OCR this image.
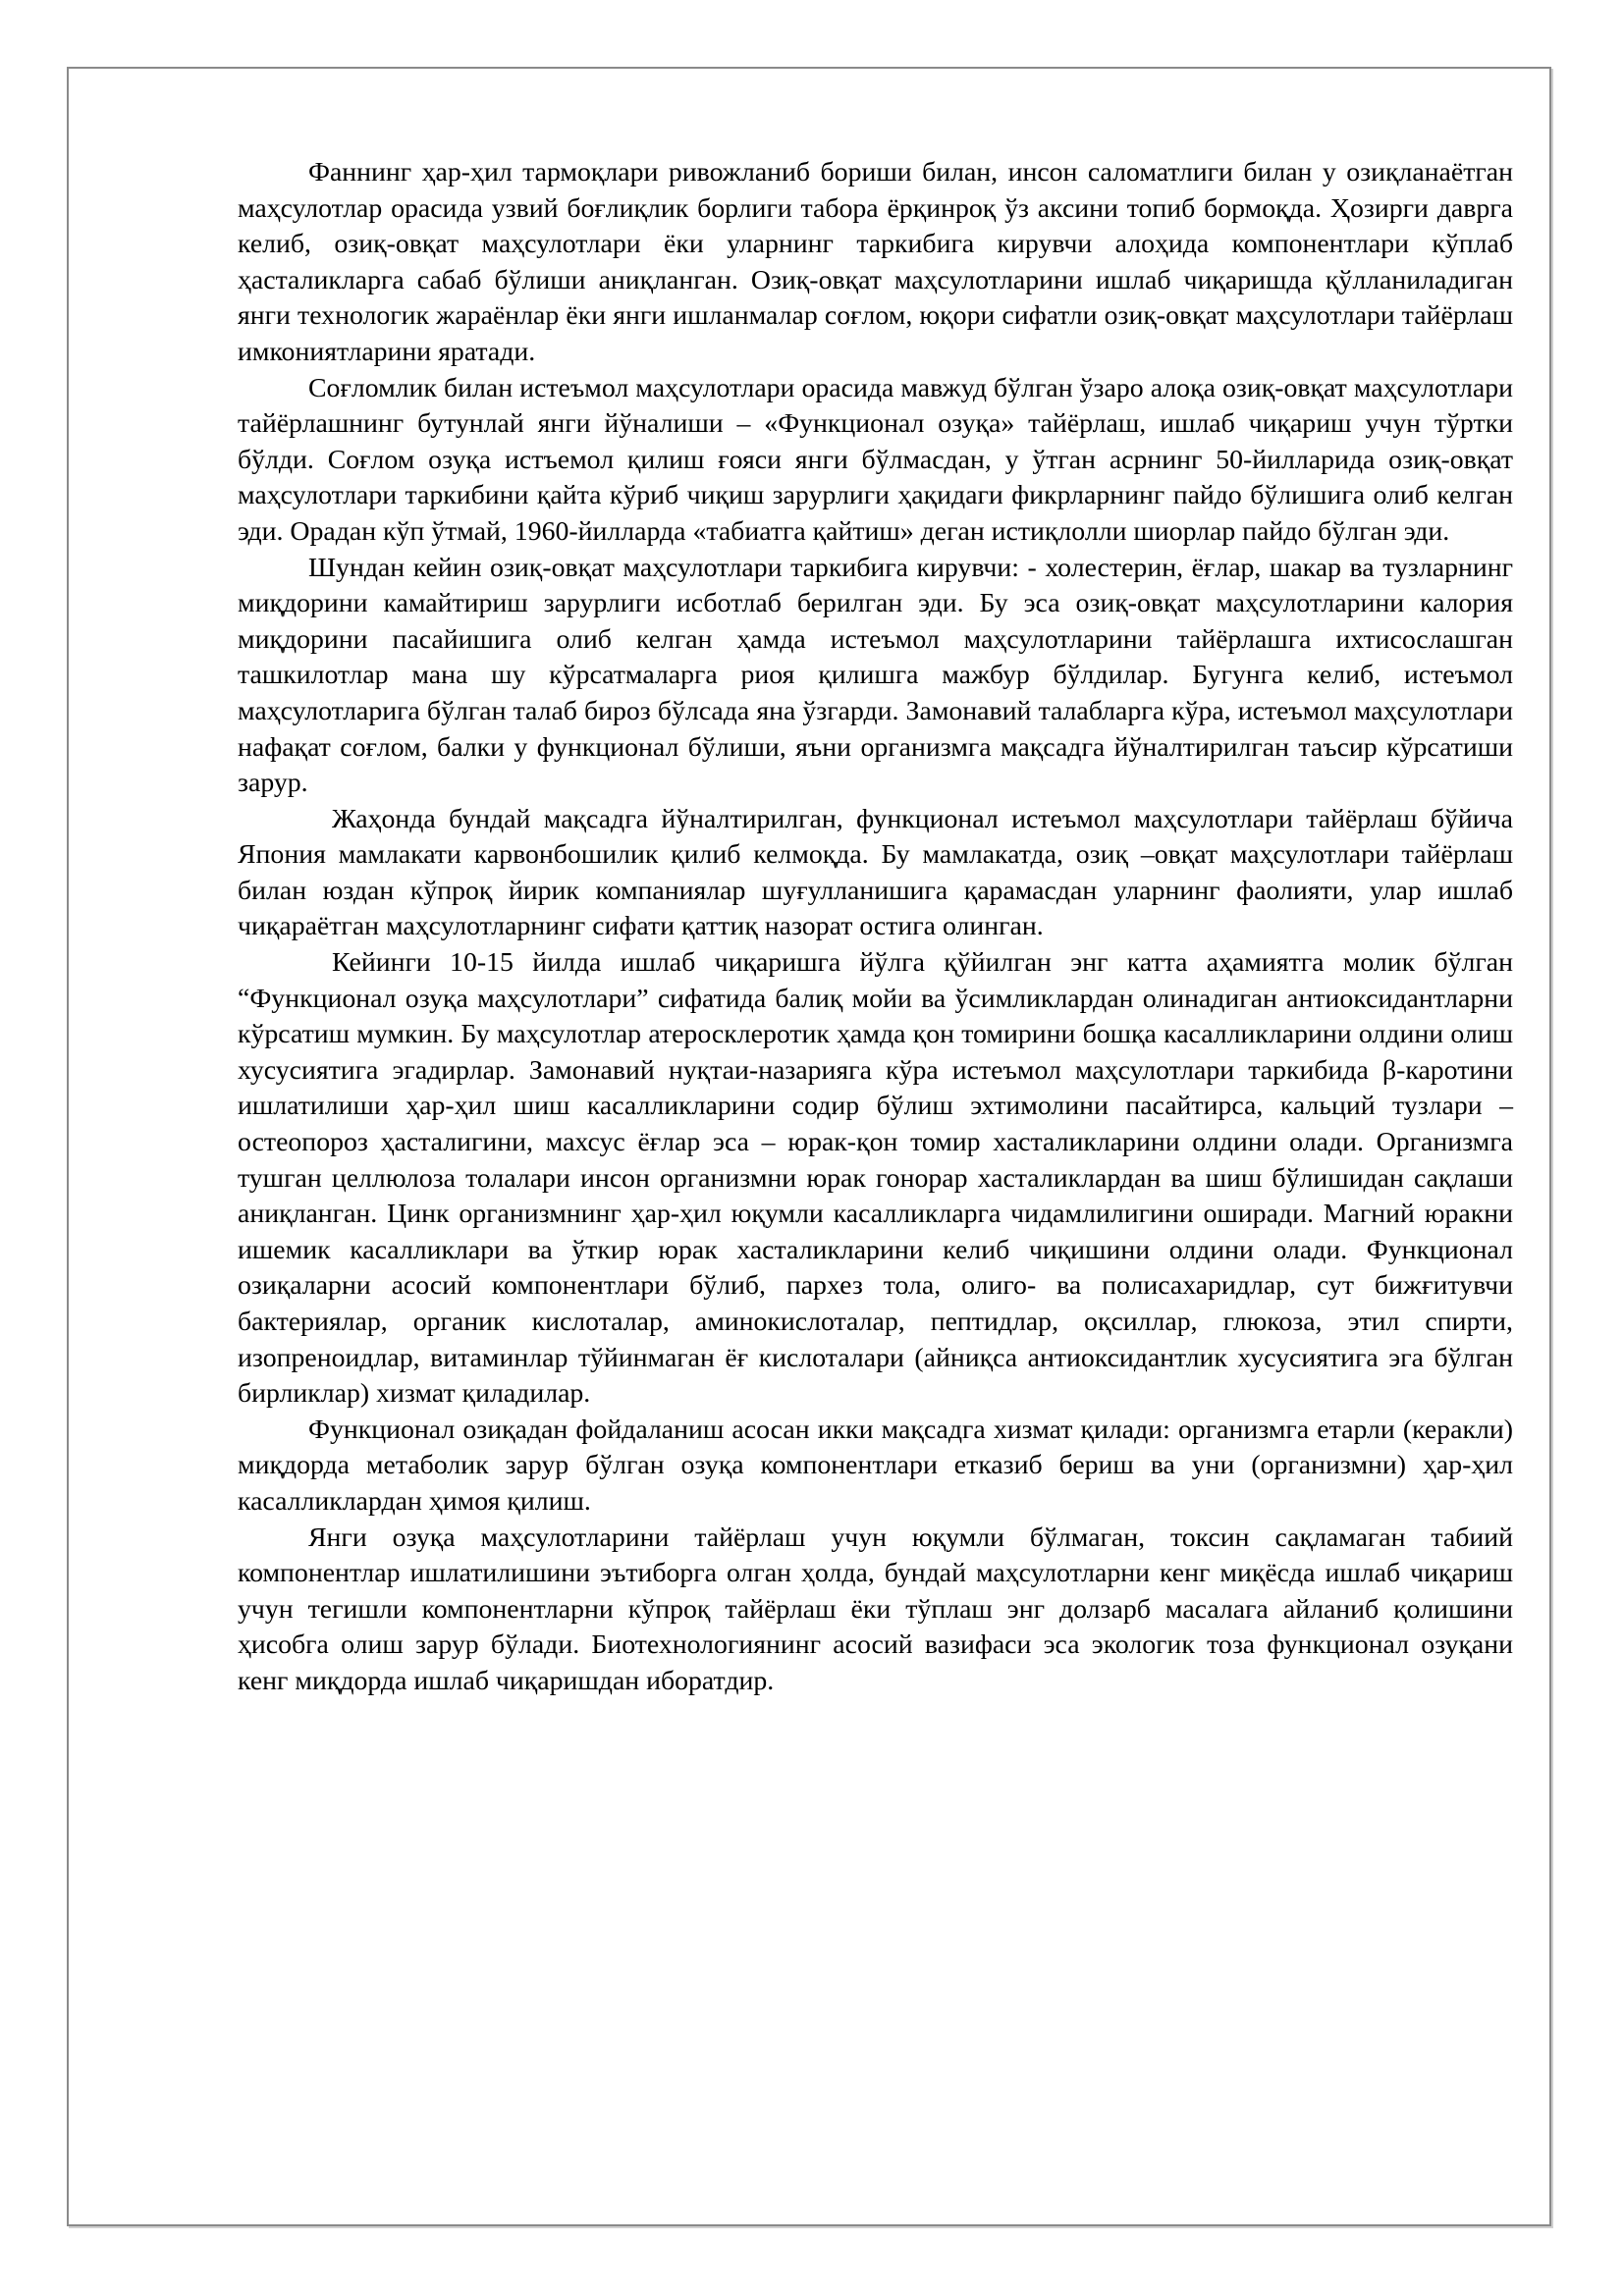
Фаннинг ҳар-ҳил тармоқлари ривожланиб бориши билан, инсон саломатлиги билан у озиқланаётган маҳсулотлар орасида узвий боғлиқлик борлиги табора ёрқинроқ ўз аксини топиб бормоқда. Ҳозирги даврга келиб, озиқ-овқат маҳсулотлари ёки уларнинг таркибига кирувчи алоҳида компонентлари кўплаб ҳасталикларга сабаб бўлиши аниқланган. Озиқ-овқат маҳсулотларини ишлаб чиқаришда қўлланиладиган янги технологик жараёнлар ёки янги ишланмалар соғлом, юқори сифатли озиқ-овқат маҳсулотлари тайёрлаш имкониятларини яратади.

Соғломлик билан истеъмол маҳсулотлари орасида мавжуд бўлган ўзаро алоқа озиқ-овқат маҳсулотлари тайёрлашнинг бутунлай янги йўналиши – «Функционал озуқа» тайёрлаш, ишлаб чиқариш учун тўртки бўлди. Соғлом озуқа истъемол қилиш ғояси янги бўлмасдан, у ўтган асрнинг 50-йилларида озиқ-овқат маҳсулотлари таркибини қайта кўриб чиқиш зарурлиги ҳақидаги фикрларнинг пайдо бўлишига олиб келган эди. Орадан кўп ўтмай, 1960-йилларда «табиатга қайтиш» деган истиқлолли шиорлар пайдо бўлган эди.

Шундан кейин озиқ-овқат маҳсулотлари таркибига кирувчи: - холестерин, ёғлар, шакар ва тузларнинг миқдорини камайтириш зарурлиги исботлаб берилган эди. Бу эса озиқ-овқат маҳсулотларини калория миқдорини пасайишига олиб келган ҳамда истеъмол маҳсулотларини тайёрлашга ихтисослашган ташкилотлар мана шу кўрсатмаларга риоя қилишга мажбур бўлдилар. Бугунга келиб, истеъмол маҳсулотларига бўлган талаб бироз бўлсада яна ўзгарди. Замонавий талабларга кўра, истеъмол маҳсулотлари нафақат соғлом, балки у функционал бўлиши, яъни организмга мақсадга йўналтирилган таъсир кўрсатиши зарур.

Жаҳонда бундай мақсадга йўналтирилган, функционал истеъмол маҳсулотлари тайёрлаш бўйича Япония мамлакати карвонбошилик қилиб келмоқда. Бу мамлакатда, озиқ –овқат маҳсулотлари тайёрлаш билан юздан кўпроқ йирик компаниялар шуғулланишига қарамасдан уларнинг фаолияти, улар ишлаб чиқараётган маҳсулотларнинг сифати қаттиқ назорат остига олинган.

Кейинги 10-15 йилда ишлаб чиқаришга йўлга қўйилган энг катта аҳамиятга молик бўлган “Функционал озуқа маҳсулотлари” сифатида балиқ мойи ва ўсимликлардан олинадиган антиоксидантларни кўрсатиш мумкин. Бу маҳсулотлар атеросклеротик ҳамда қон томирини бошқа касалликларини олдини олиш хусусиятига эгадирлар. Замонавий нуқтаи-назарияга кўра истеъмол маҳсулотлари таркибида β-каротини ишлатилиши ҳар-ҳил шиш касалликларини содир бўлиш эхтимолини пасайтирса, кальций тузлари – остеопороз ҳасталигини, махсус ёғлар эса – юрак-қон томир хасталикларини олдини олади. Организмга тушган целлюлоза толалари инсон организмни юрак гонорар хасталиклардан ва шиш бўлишидан сақлаши аниқланган. Цинк организмнинг ҳар-ҳил юқумли касалликларга чидамлилигини оширади. Магний юракни ишемик касалликлари ва ўткир юрак хасталикларини келиб чиқишини олдини олади. Функционал озиқаларни асосий компонентлари бўлиб, пархез тола, олиго- ва полисахаридлар, сут бижғитувчи бактериялар, органик кислоталар, аминокислоталар, пептидлар, оқсиллар, глюкоза, этил спирти, изопреноидлар, витаминлар тўйинмаган ёғ кислоталари (айниқса антиоксидантлик хусусиятига эга бўлган бирликлар) хизмат қиладилар.

Функционал озиқадан фойдаланиш асосан икки мақсадга хизмат қилади: организмга етарли (керакли) миқдорда метаболик зарур бўлган озуқа компонентлари етказиб бериш ва уни (организмни) ҳар-ҳил касалликлардан ҳимоя қилиш.

Янги озуқа маҳсулотларини тайёрлаш учун юқумли бўлмаган, токсин сақламаган табиий компонентлар ишлатилишини эътиборга олган ҳолда, бундай маҳсулотларни кенг миқёсда ишлаб чиқариш учун тегишли компонентларни кўпроқ тайёрлаш ёки тўплаш энг долзарб масалага айланиб қолишини ҳисобга олиш зарур бўлади. Биотехнологиянинг асосий вазифаси эса экологик тоза функционал озуқани кенг миқдорда ишлаб чиқаришдан иборатдир.
